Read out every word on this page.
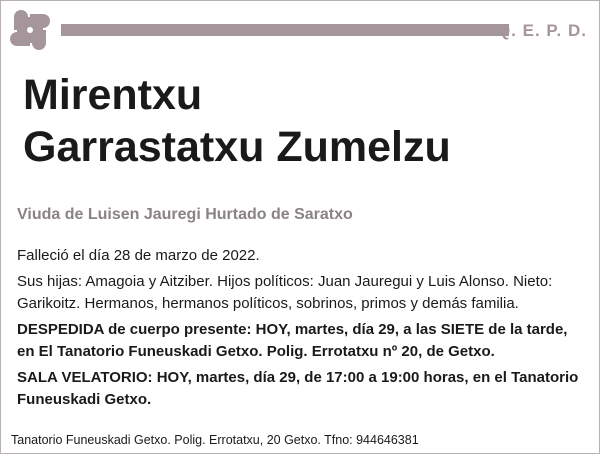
Q. E. P. D.
Mirentxu
Garrastatxu Zumelzu
Viuda de Luisen Jauregi Hurtado de Saratxo

Falleció el día 28 de marzo de 2022.

Sus hijas: Amagoia y Aitziber. Hijos políticos: Juan Jauregui y Luis Alonso. Nieto: Garikoitz. Hermanos, hermanos políticos, sobrinos, primos y demás familia.

DESPEDIDA de cuerpo presente: HOY, martes, día 29, a las SIETE de la tarde, en El Tanatorio Funeuskadi Getxo. Polig. Errotatxu nº 20, de Getxo.

SALA VELATORIO: HOY, martes, día 29, de 17:00 a 19:00 horas, en el Tanatorio Funeuskadi Getxo.

Tanatorio Funeuskadi Getxo. Polig. Errotatxu, 20 Getxo. Tfno: 944646381
